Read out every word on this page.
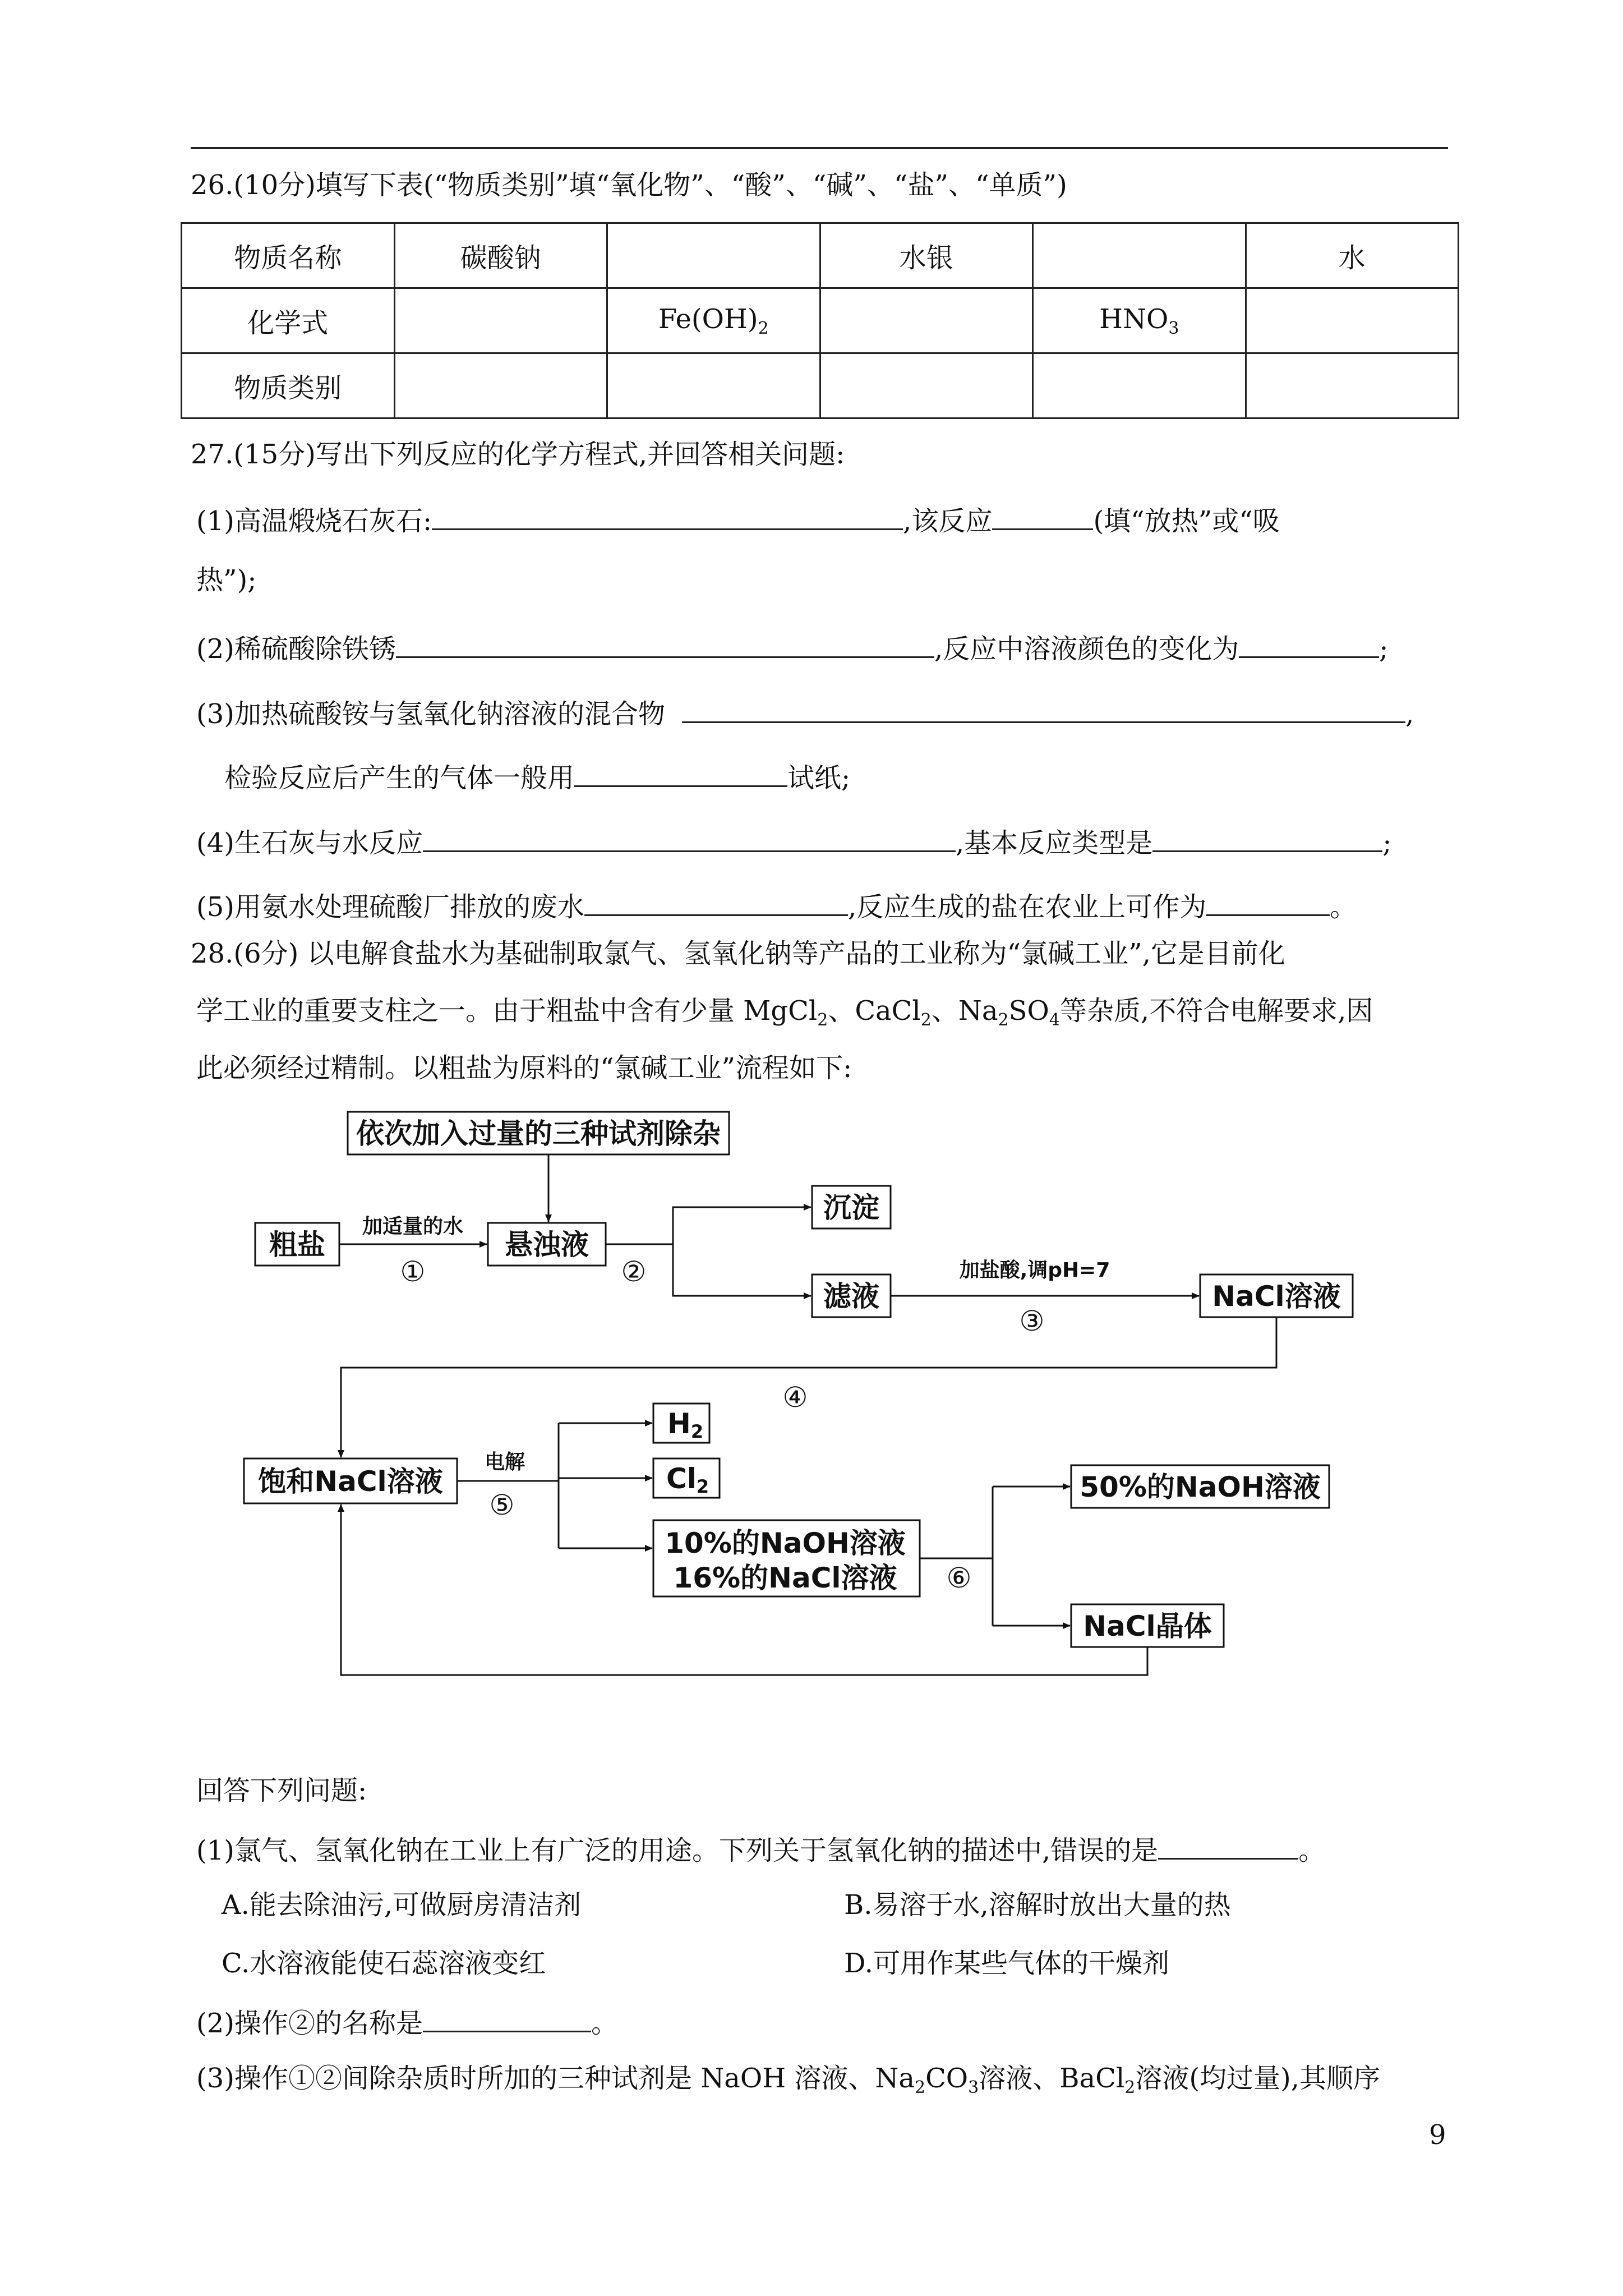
26.(10分)填写下表(“物质类别”填“氧化物”、“酸”、“碱”、“盐”、“单质”)
物质名称	碳酸钠		水银		水
化学式		$Fe(OH)_2$		$HNO_3$	
物质类别					
27.(15分)写出下列反应的化学方程式,并回答相关问题:
(1)高温煅烧石灰石:	,该反应	(填“放热”或“吸
热”);
(2)稀硫酸除铁锈	,反应中溶液颜色的变化为	;
(3)加热硫酸铵与氢氧化钠溶液的混合物	,
检验反应后产生的气体一般用	试纸;
(4)生石灰与水反应	,基本反应类型是	;
(5)用氨水处理硫酸厂排放的废水	,反应生成的盐在农业上可作为	。
28.(6分) 以电解食盐水为基础制取氯气、氢氧化钠等产品的工业称为“氯碱工业”,它是目前化
学工业的重要支柱之一。由于粗盐中含有少量 MgCl$_2$、CaCl$_2$、$Na_2SO_4$等杂质,不符合电解要求,因
此必须经过精制。以粗盐为原料的“氯碱工业”流程如下:
依次加入过量的三种试剂除杂
粗盐
加适量的水
①
悬浊液
②
沉淀
滤液
加盐酸,调pH=7
③
NaCl溶液
④
饱和NaCl溶液
电解
⑤
H2
Cl2
10%的NaOH溶液
16%的NaCl溶液 ⑥
50%的NaOH溶液
NaCl晶体
回答下列问题:
(1)氯气、氢氧化钠在工业上有广泛的用途。下列关于氢氧化钠的描述中,错误的是	。
A.能去除油污,可做厨房清洁剂	B.易溶于水,溶解时放出大量的热
C.水溶液能使石蕊溶液变红	D.可用作某些气体的干燥剂
(2)操作②的名称是	。
(3)操作①②间除杂质时所加的三种试剂是 NaOH 溶液、$Na_2CO_3$溶液、BaCl$_2$溶液(均过量),其顺序
9
